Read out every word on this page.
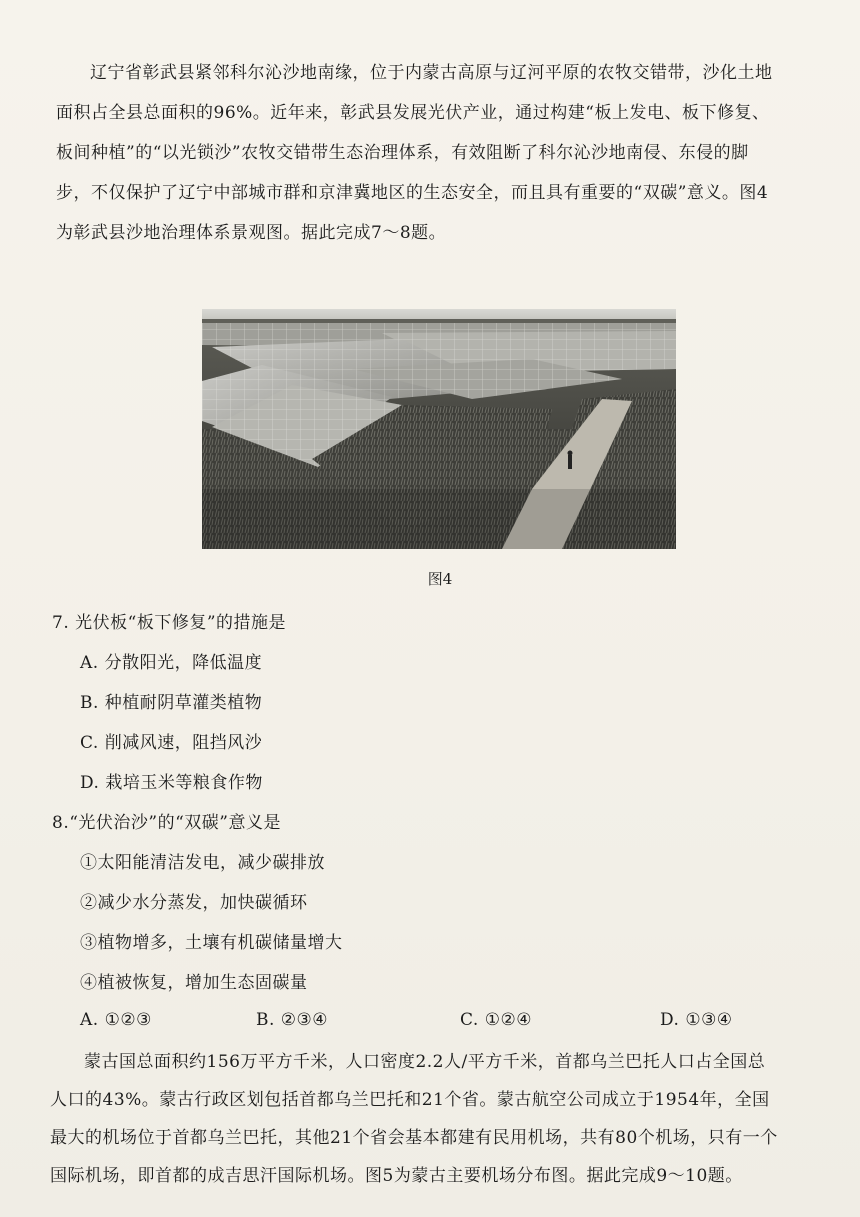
辽宁省彰武县紧邻科尔沁沙地南缘，位于内蒙古高原与辽河平原的农牧交错带，沙化土地

面积占全县总面积的96%。近年来，彰武县发展光伏产业，通过构建“板上发电、板下修复、

板间种植”的“以光锁沙”农牧交错带生态治理体系，有效阻断了科尔沁沙地南侵、东侵的脚

步，不仅保护了辽宁中部城市群和京津冀地区的生态安全，而且具有重要的“双碳”意义。图4

为彰武县沙地治理体系景观图。据此完成7～8题。

图4
7. 光伏板“板下修复”的措施是
A. 分散阳光，降低温度
B. 种植耐阴草灌类植物
C. 削减风速，阻挡风沙
D. 栽培玉米等粮食作物
8.“光伏治沙”的“双碳”意义是
①太阳能清洁发电，减少碳排放
②减少水分蒸发，加快碳循环
③植物增多，土壤有机碳储量增大
④植被恢复，增加生态固碳量
A. ①②③	B. ②③④	C. ①②④	D. ①③④

蒙古国总面积约156万平方千米，人口密度2.2人/平方千米，首都乌兰巴托人口占全国总

人口的43%。蒙古行政区划包括首都乌兰巴托和21个省。蒙古航空公司成立于1954年，全国

最大的机场位于首都乌兰巴托，其他21个省会基本都建有民用机场，共有80个机场，只有一个

国际机场，即首都的成吉思汗国际机场。图5为蒙古主要机场分布图。据此完成9～10题。
